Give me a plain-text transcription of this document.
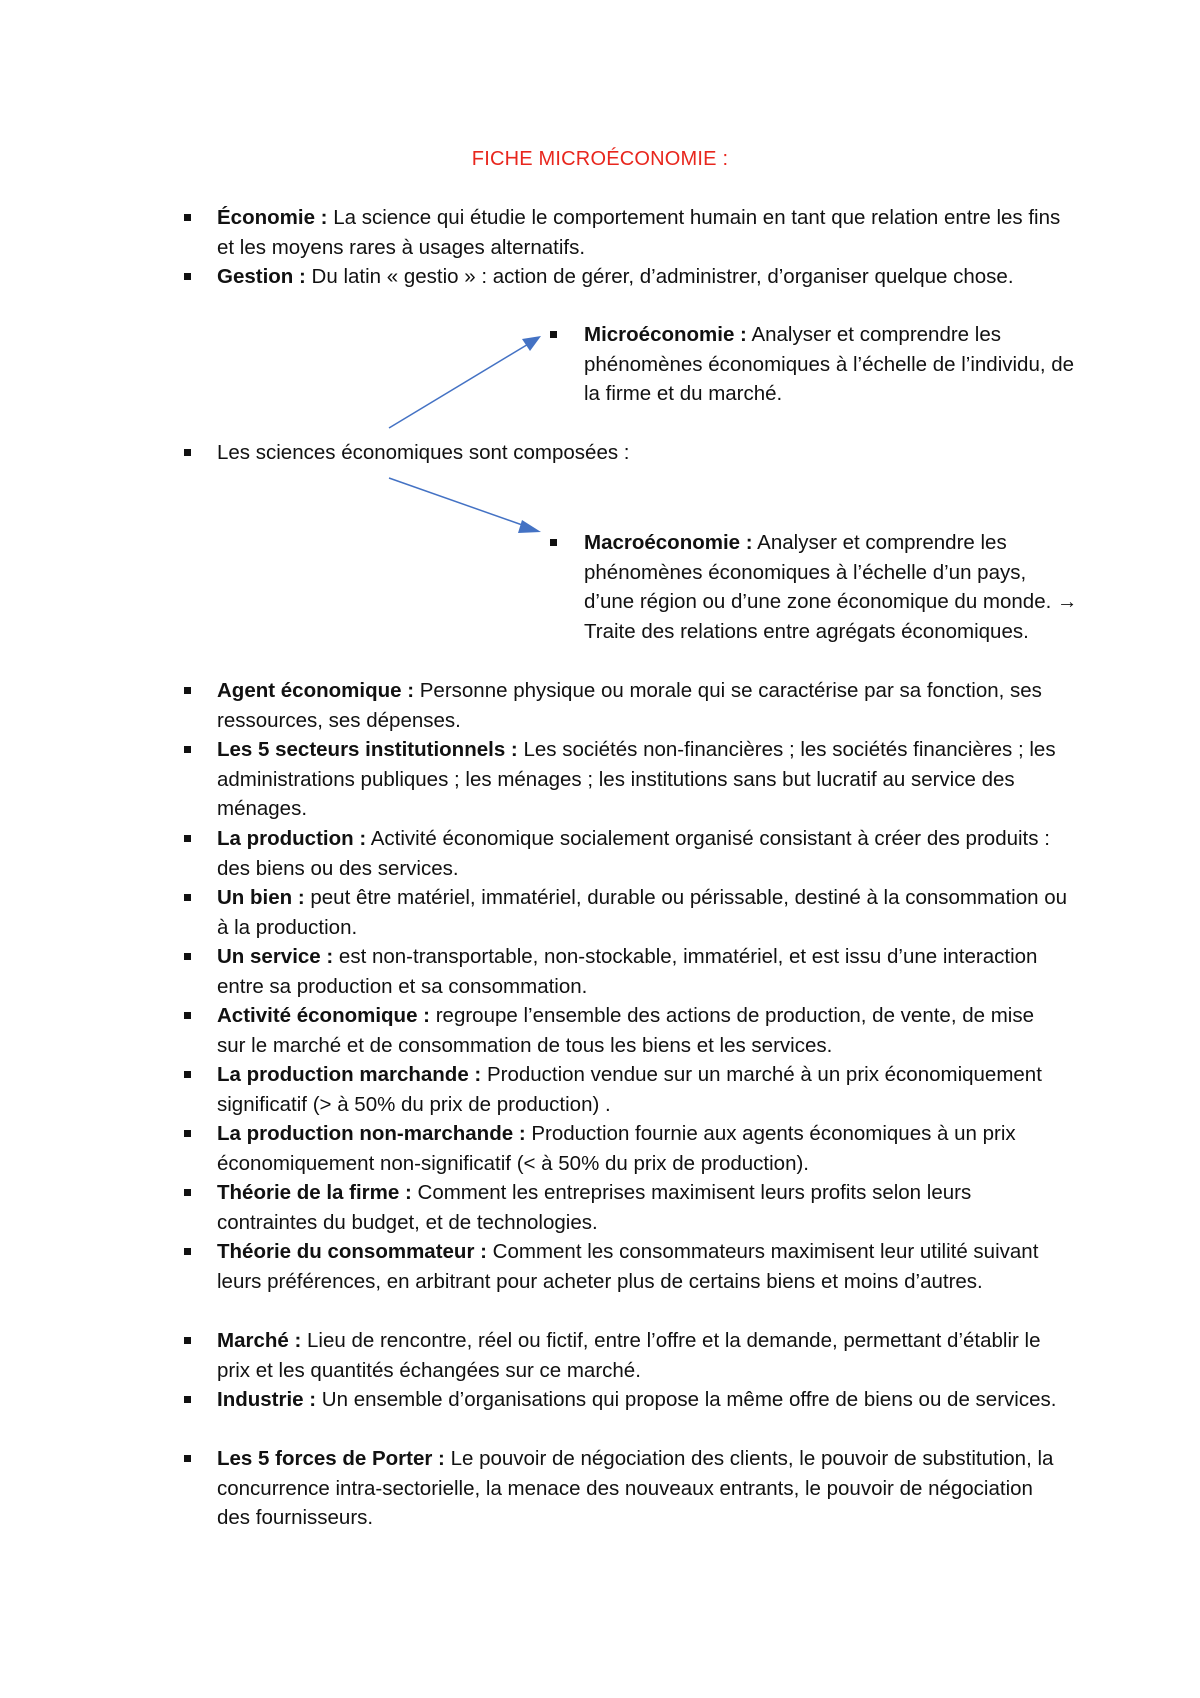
FICHE MICROÉCONOMIE :
Économie : La science qui étudie le comportement humain en tant que relation entre les fins et les moyens rares à usages alternatifs.
Gestion : Du latin « gestio » : action de gérer, d’administrer, d’organiser quelque chose.
Microéconomie : Analyser et comprendre les phénomènes économiques à l’échelle de l’individu, de la firme et du marché.
Les sciences économiques sont composées :
Macroéconomie : Analyser et comprendre les phénomènes économiques à l’échelle d’un pays, d’une région ou d’une zone économique du monde. → Traite des relations entre agrégats économiques.
Agent économique : Personne physique ou morale qui se caractérise par sa fonction, ses ressources, ses dépenses.
Les 5 secteurs institutionnels : Les sociétés non-financières ; les sociétés financières ; les administrations publiques ; les ménages ; les institutions sans but lucratif au service des ménages.
La production : Activité économique socialement organisé consistant à créer des produits : des biens ou des services.
Un bien : peut être matériel, immatériel, durable ou périssable, destiné à la consommation ou à la production.
Un service : est non-transportable, non-stockable, immatériel, et est issu d’une interaction entre sa production et sa consommation.
Activité économique : regroupe l’ensemble des actions de production, de vente, de mise sur le marché et de consommation de tous les biens et les services.
La production marchande : Production vendue sur un marché à un prix économiquement significatif (> à 50% du prix de production) .
La production non-marchande : Production fournie aux agents économiques à un prix économiquement non-significatif (< à 50% du prix de production).
Théorie de la firme : Comment les entreprises maximisent leurs profits selon leurs contraintes du budget, et de technologies.
Théorie du consommateur : Comment les consommateurs maximisent leur utilité suivant leurs préférences, en arbitrant pour acheter plus de certains biens et moins d’autres.
Marché : Lieu de rencontre, réel ou fictif, entre l’offre et la demande, permettant d’établir le prix et les quantités échangées sur ce marché.
Industrie : Un ensemble d’organisations qui propose la même offre de biens ou de services.
Les 5 forces de Porter : Le pouvoir de négociation des clients, le pouvoir de substitution, la concurrence intra-sectorielle, la menace des nouveaux entrants, le pouvoir de négociation des fournisseurs.
